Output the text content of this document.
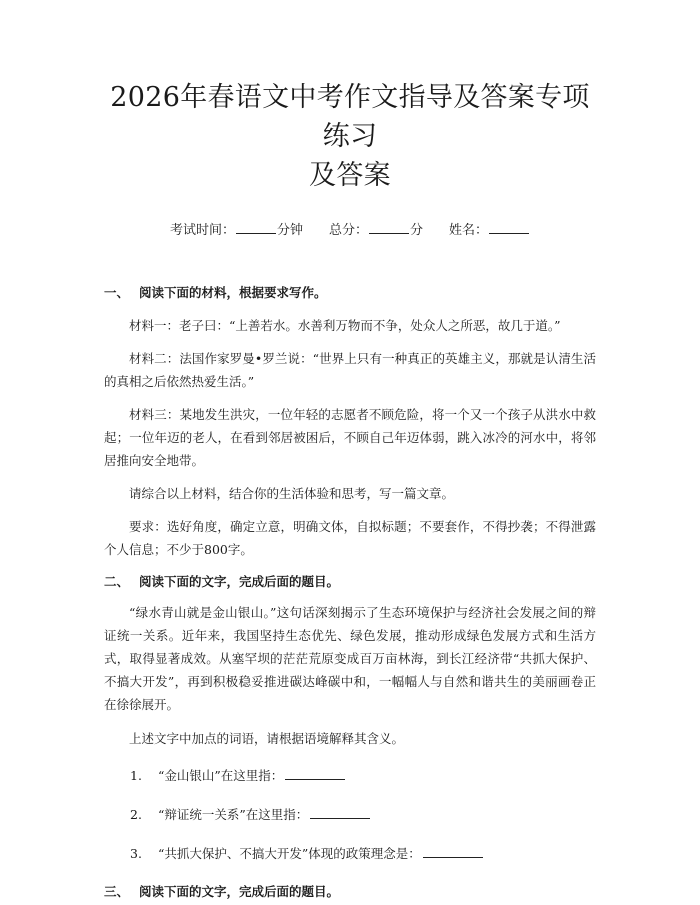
2026年春语文中考作文指导及答案专项练习
及答案
考试时间：	分钟 总分：	分 姓名：
一、 阅读下面的材料，根据要求写作。

材料一：老子曰：“上善若水。水善利万物而不争，处众人之所恶，故几于道。”

材料二：法国作家罗曼•罗兰说：“世界上只有一种真正的英雄主义，那就是认清生活的真相之后依然热爱生活。”

材料三：某地发生洪灾，一位年轻的志愿者不顾危险，将一个又一个孩子从洪水中救起；一位年迈的老人，在看到邻居被困后，不顾自己年迈体弱，跳入冰冷的河水中，将邻居推向安全地带。

请综合以上材料，结合你的生活体验和思考，写一篇文章。

要求：选好角度，确定立意，明确文体，自拟标题；不要套作，不得抄袭；不得泄露个人信息；不少于800字。

二、 阅读下面的文字，完成后面的题目。

“绿水青山就是金山银山。”这句话深刻揭示了生态环境保护与经济社会发展之间的辩证统一关系。近年来，我国坚持生态优先、绿色发展，推动形成绿色发展方式和生活方式，取得显著成效。从塞罕坝的茫茫荒原变成百万亩林海，到长江经济带“共抓大保护、不搞大开发”，再到积极稳妥推进碳达峰碳中和，一幅幅人与自然和谐共生的美丽画卷正在徐徐展开。

上述文字中加点的词语，请根据语境解释其含义。

1. “金山银山”在这里指：
2. “辩证统一关系”在这里指：
3. “共抓大保护、不搞大开发”体现的政策理念是：
三、 阅读下面的文字，完成后面的题目。
